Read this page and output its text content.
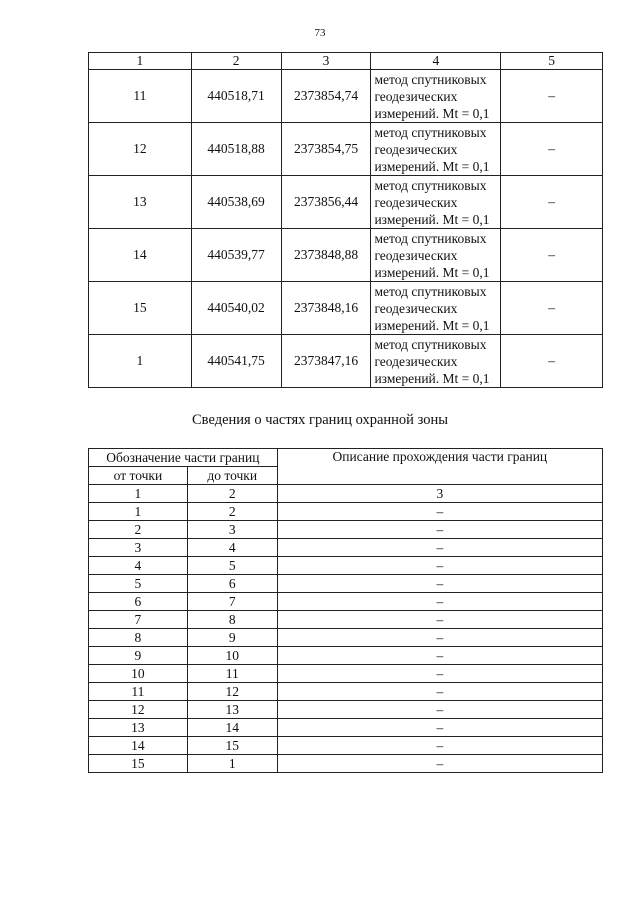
73
1	2	3	4	5
11	440518,71	2373854,74	метод спутниковых
геодезических
измерений. Mt = 0,1	–
12	440518,88	2373854,75	метод спутниковых
геодезических
измерений. Mt = 0,1	–
13	440538,69	2373856,44	метод спутниковых
геодезических
измерений. Mt = 0,1	–
14	440539,77	2373848,88	метод спутниковых
геодезических
измерений. Mt = 0,1	–
15	440540,02	2373848,16	метод спутниковых
геодезических
измерений. Mt = 0,1	–
1	440541,75	2373847,16	метод спутниковых
геодезических
измерений. Mt = 0,1	–
Сведения о частях границ охранной зоны
Обозначение части границ		Описание прохождения части границ
от точки	до точки	
1	2	3
1	2	–
2	3	–
3	4	–
4	5	–
5	6	–
6	7	–
7	8	–
8	9	–
9	10	–
10	11	–
11	12	–
12	13	–
13	14	–
14	15	–
15	1	–
